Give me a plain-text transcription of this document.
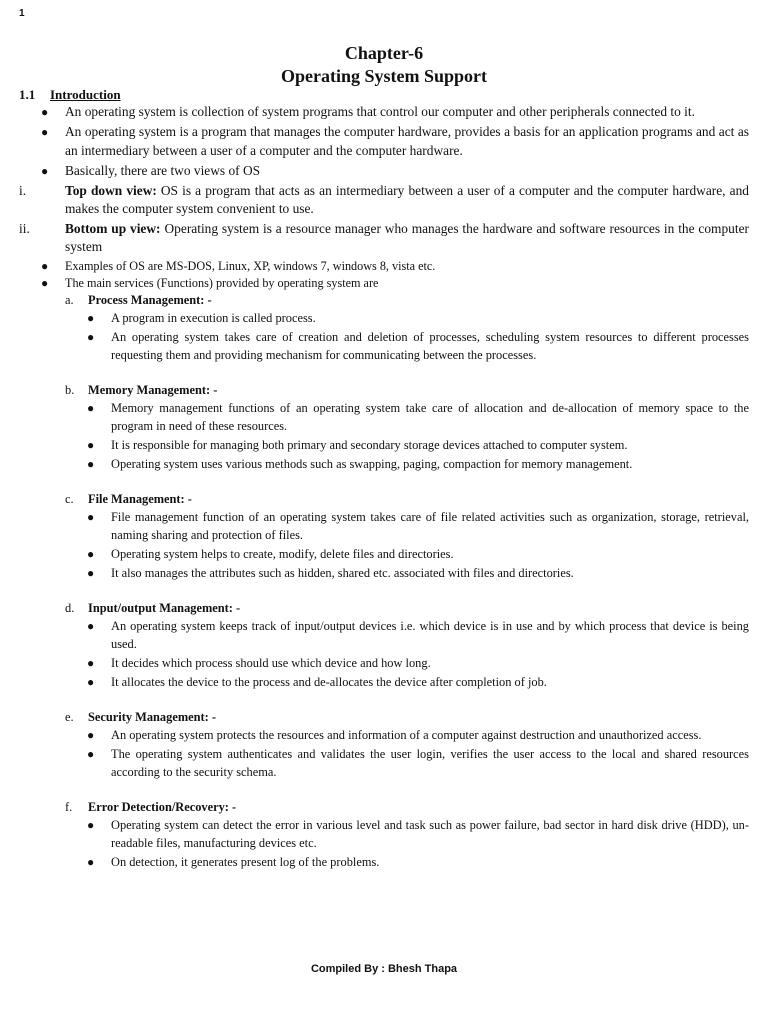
1
Chapter-6
Operating System Support
1.1 Introduction
● An operating system is collection of system programs that control our computer and other peripherals connected to it.
● An operating system is a program that manages the computer hardware, provides a basis for an application programs and act as an intermediary between a user of a computer and the computer hardware.
● Basically, there are two views of OS
i.	Top down view: OS is a program that acts as an intermediary between a user of a computer and the computer hardware, and makes the computer system convenient to use.
ii.	Bottom up view: Operating system is a resource manager who manages the hardware and software resources in the computer system
● Examples of OS are MS-DOS, Linux, XP, windows 7, windows 8, vista etc.
● The main services (Functions) provided by operating system are
a. Process Management: -
● A program in execution is called process.
● An operating system takes care of creation and deletion of processes, scheduling system resources to different processes requesting them and providing mechanism for communicating between the processes.
b. Memory Management: -
● Memory management functions of an operating system take care of allocation and de-allocation of memory space to the program in need of these resources.
● It is responsible for managing both primary and secondary storage devices attached to computer system.
● Operating system uses various methods such as swapping, paging, compaction for memory management.
c. File Management: -
● File management function of an operating system takes care of file related activities such as organization, storage, retrieval, naming sharing and protection of files.
● Operating system helps to create, modify, delete files and directories.
● It also manages the attributes such as hidden, shared etc. associated with files and directories.
d. Input/output Management: -
● An operating system keeps track of input/output devices i.e. which device is in use and by which process that device is being used.
● It decides which process should use which device and how long.
● It allocates the device to the process and de-allocates the device after completion of job.
e. Security Management: -
● An operating system protects the resources and information of a computer against destruction and unauthorized access.
● The operating system authenticates and validates the user login, verifies the user access to the local and shared resources according to the security schema.
f. Error Detection/Recovery: -
● Operating system can detect the error in various level and task such as power failure, bad sector in hard disk drive (HDD), un-readable files, manufacturing devices etc.
● On detection, it generates present log of the problems.
Compiled By : Bhesh Thapa
